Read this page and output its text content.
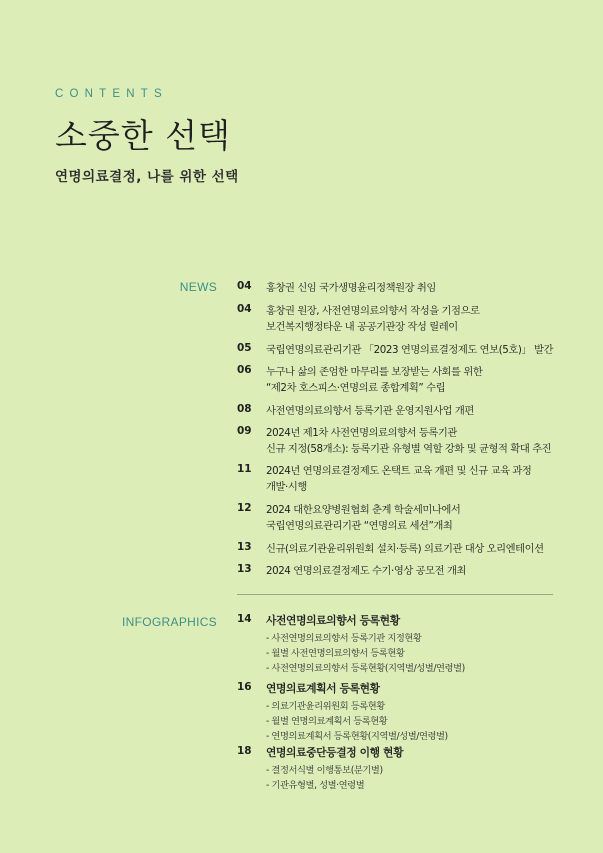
CONTENTS
소중한 선택
연명의료결정, 나를 위한 선택
NEWS 04 홍창권 신임 국가생명윤리정책원장 취임
04 홍창권 원장, 사전연명의료의향서 작성을 기점으로
보건복지행정타운 내 공공기관장 작성 릴레이
05 국립연명의료관리기관 「2023 연명의료결정제도 연보(5호)」 발간
06 누구나 삶의 존엄한 마무리를 보장받는 사회를 위한
“제2차 호스피스·연명의료 종합계획” 수립
08 사전연명의료의향서 등록기관 운영지원사업 개편
09 2024년 제1차 사전연명의료의향서 등록기관
신규 지정(58개소): 등록기관 유형별 역할 강화 및 균형적 확대 추진
11 2024년 연명의료결정제도 온택트 교육 개편 및 신규 교육 과정
개발·시행
12 2024 대한요양병원협회 춘계 학술세미나에서
국립연명의료관리기관 “연명의료 세션”개최
13 신규(의료기관윤리위원회 설치·등록) 의료기관 대상 오리엔테이션
13 2024 연명의료결정제도 수기·영상 공모전 개최
INFOGRAPHICS 14 사전연명의료의향서 등록현황
- 사전연명의료의향서 등록기관 지정현황
- 월별 사전연명의료의향서 등록현황
- 사전연명의료의향서 등록현황(지역별/성별/연령별)
16 연명의료계획서 등록현황
- 의료기관윤리위원회 등록현황
- 월별 연명의료계획서 등록현황
- 연명의료계획서 등록현황(지역별/성별/연령별)
18 연명의료중단등결정 이행 현황
- 결정서식별 이행통보(분기별)
- 기관유형별, 성별·연령별
